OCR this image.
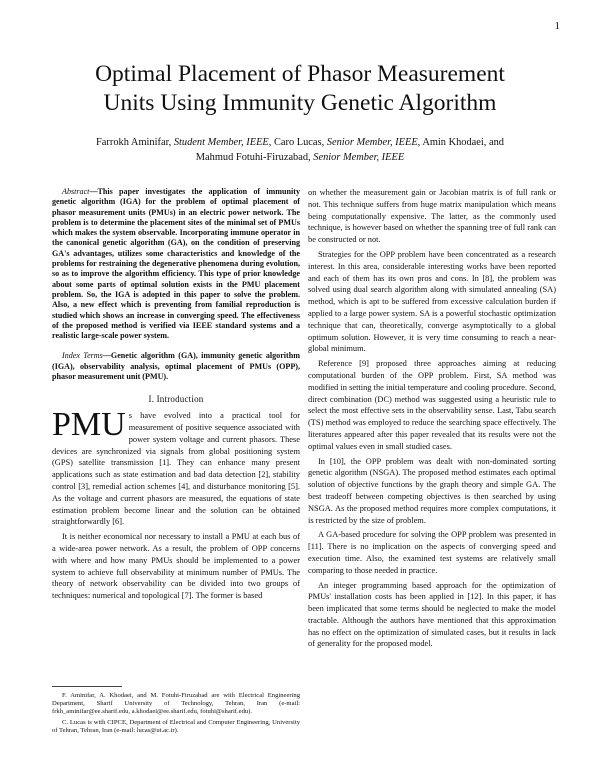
1
Optimal Placement of Phasor Measurement
Units Using Immunity Genetic Algorithm
Farrokh Aminifar, Student Member, IEEE, Caro Lucas, Senior Member, IEEE, Amin Khodaei, and
Mahmud Fotuhi-Firuzabad, Senior Member, IEEE

Abstract—This paper investigates the application of immunity genetic algorithm (IGA) for the problem of optimal placement of phasor measurement units (PMUs) in an electric power network. The problem is to determine the placement sites of the minimal set of PMUs which makes the system observable. Incorporating immune operator in the canonical genetic algorithm (GA), on the condition of preserving GA's advantages, utilizes some characteristics and knowledge of the problems for restraining the degenerative phenomena during evolution, so as to improve the algorithm efficiency. This type of prior knowledge about some parts of optimal solution exists in the PMU placement problem. So, the IGA is adopted in this paper to solve the problem. Also, a new effect which is preventing from familial reproduction is studied which shows an increase in converging speed. The effectiveness of the proposed method is verified via IEEE standard systems and a realistic large-scale power system.

Index Terms—Genetic algorithm (GA), immunity genetic algorithm (IGA), observability analysis, optimal placement of PMUs (OPP), phasor measurement unit (PMU).

I. Introduction

PMU s have evolved into a practical tool for measurement of positive sequence associated with power system voltage and current phasors. These devices are synchronized via signals from global positioning system (GPS) satellite transmission [1]. They can enhance many present applications such as state estimation and bad data detection [2], stability control [3], remedial action schemes [4], and disturbance monitoring [5]. As the voltage and current phasors are measured, the equations of state estimation problem become linear and the solution can be obtained straightforwardly [6].

It is neither economical nor necessary to install a PMU at each bus of a wide-area power network. As a result, the problem of OPP concerns with where and how many PMUs should be implemented to a power system to achieve full observability at minimum number of PMUs. The theory of network observability can be divided into two groups of techniques: numerical and topological [7]. The former is based

F. Aminifar, A. Khodaei, and M. Fotuhi-Firuzabad are with Electrical Engineering Department, Sharif University of Technology, Tehran, Iran (e-mail: frkh_aminifar@ee.sharif.edu, a.khodaei@ee.sharif.edu, fotuhi@sharif.edu).

C. Lucas is with CIPCE, Department of Electrical and Computer Engineering, University of Tehran, Tehran, Iran (e-mail: lucas@ut.ac.ir).

on whether the measurement gain or Jacobian matrix is of full rank or not. This technique suffers from huge matrix manipulation which means being computationally expensive. The latter, as the commonly used technique, is however based on whether the spanning tree of full rank can be constructed or not.

Strategies for the OPP problem have been concentrated as a research interest. In this area, considerable interesting works have been reported and each of them has its own pros and cons. In [8], the problem was solved using dual search algorithm along with simulated annealing (SA) method, which is apt to be suffered from excessive calculation burden if applied to a large power system. SA is a powerful stochastic optimization technique that can, theoretically, converge asymptotically to a global optimum solution. However, it is very time consuming to reach a near-global minimum.

Reference [9] proposed three approaches aiming at reducing computational burden of the OPP problem. First, SA method was modified in setting the initial temperature and cooling procedure. Second, direct combination (DC) method was suggested using a heuristic rule to select the most effective sets in the observability sense. Last, Tabu search (TS) method was employed to reduce the searching space effectively. The literatures appeared after this paper revealed that its results were not the optimal values even in small studied cases.

In [10], the OPP problem was dealt with non-dominated sorting genetic algorithm (NSGA). The proposed method estimates each optimal solution of objective functions by the graph theory and simple GA. The best tradeoff between competing objectives is then searched by using NSGA. As the proposed method requires more complex computations, it is restricted by the size of problem.

A GA-based procedure for solving the OPP problem was presented in [11]. There is no implication on the aspects of converging speed and execution time. Also, the examined test systems are relatively small comparing to those needed in practice.

An integer programming based approach for the optimization of PMUs' installation costs has been applied in [12]. In this paper, it has been implicated that some terms should be neglected to make the model tractable. Although the authors have mentioned that this approximation has no effect on the optimization of simulated cases, but it results in lack of generality for the proposed model.
